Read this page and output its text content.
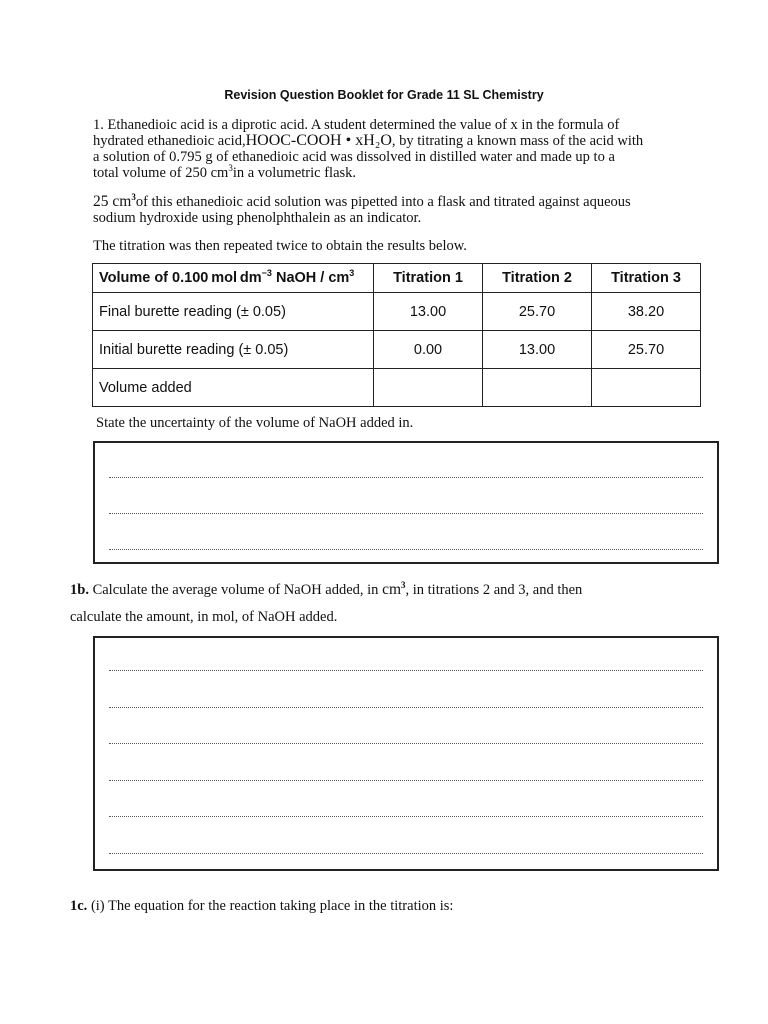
Revision Question Booklet for Grade 11 SL Chemistry
1. Ethanedioic acid is a diprotic acid. A student determined the value of x in the formula of
hydrated ethanedioic acid,HOOC-COOH • xH₂O, by titrating a known mass of the acid with
a solution of 0.795 g of ethanedioic acid was dissolved in distilled water and made up to a
total volume of 250 $cm^3in$ a volumetric flask.
25 $cm^3of$ this ethanedioic acid solution was pipetted into a flask and titrated against aqueous
sodium hydroxide using phenolphthalein as an indicator.
The titration was then repeated twice to obtain the results below.
Volume of 0.100 mol $dm^{-3}$ NaOH / $cm^3$	Titration 1	Titration 2	Titration 3
Final burette reading (± 0.05)	13.00	25.70	38.20
Initial burette reading (± 0.05)	0.00	13.00	25.70
Volume added			
State the uncertainty of the volume of NaOH added in.
1b. Calculate the average volume of NaOH added, in $cm^3$, in titrations 2 and 3, and then
calculate the amount, in mol, of NaOH added.
1c. (i) The equation for the reaction taking place in the titration is:
